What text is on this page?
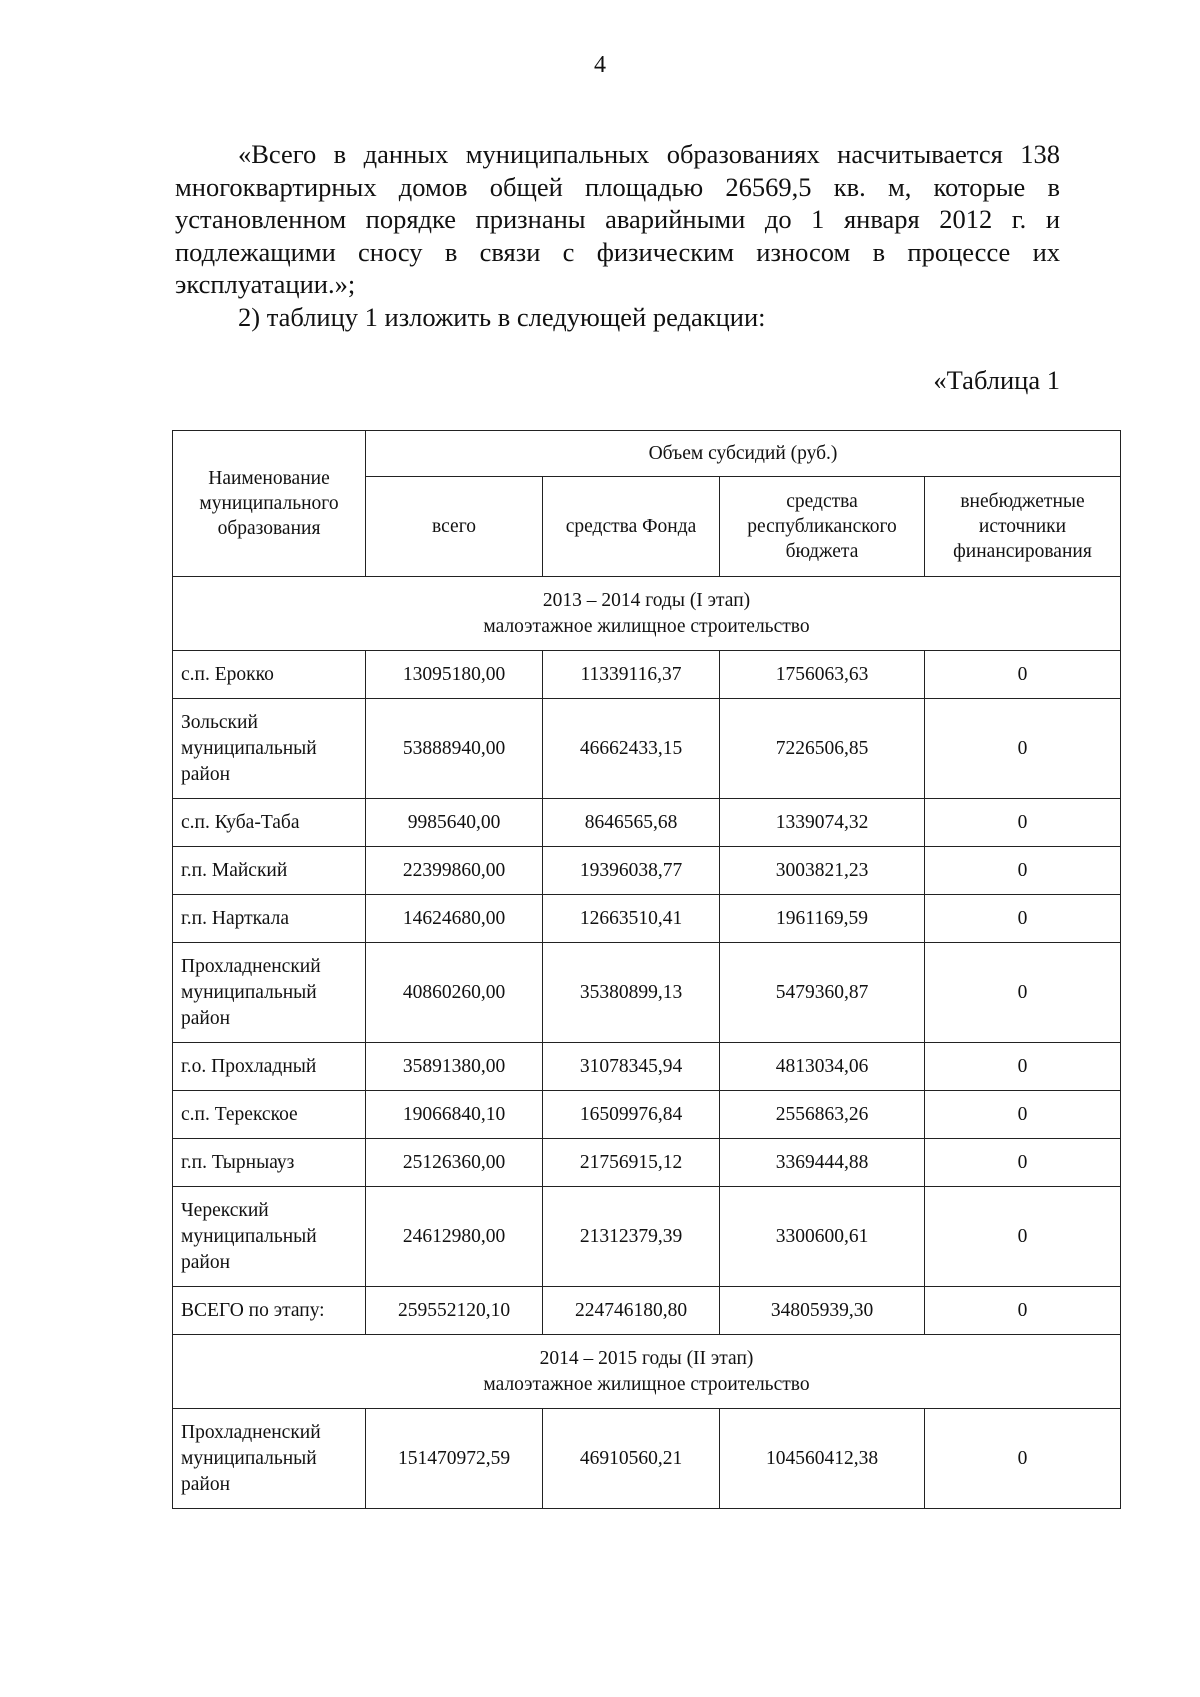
4

«Всего в данных муниципальных образованиях насчитывается 138 многоквартирных домов общей площадью 26569,5 кв. м, которые в установленном порядке признаны аварийными до 1 января 2012 г. и подлежащими сносу в связи с физическим износом в процессе их эксплуатации.»;

2) таблицу 1 изложить в следующей редакции:

«Таблица 1
Наименование муниципального образования	Объем субсидий (руб.)			
	всего	средства Фонда	средства республиканского бюджета	внебюджетные источники финансирования

2013 – 2014 годы (I этап)
малоэтажное жилищное строительство				

с.п. Ерокко	13095180,00	11339116,37	1756063,63	0
Зольский муниципальный район	53888940,00	46662433,15	7226506,85	0
с.п. Куба-Таба	9985640,00	8646565,68	1339074,32	0
г.п. Майский	22399860,00	19396038,77	3003821,23	0
г.п. Нарткала	14624680,00	12663510,41	1961169,59	0
Прохладненский муниципальный район	40860260,00	35380899,13	5479360,87	0
г.о. Прохладный	35891380,00	31078345,94	4813034,06	0
с.п. Терекское	19066840,10	16509976,84	2556863,26	0
г.п. Тырныауз	25126360,00	21756915,12	3369444,88	0
Черекский муниципальный район	24612980,00	21312379,39	3300600,61	0
ВСЕГО по этапу:	259552120,10	224746180,80	34805939,30	0

2014 – 2015 годы (II этап)
малоэтажное жилищное строительство				

Прохладненский муниципальный район	151470972,59	46910560,21	104560412,38	0
